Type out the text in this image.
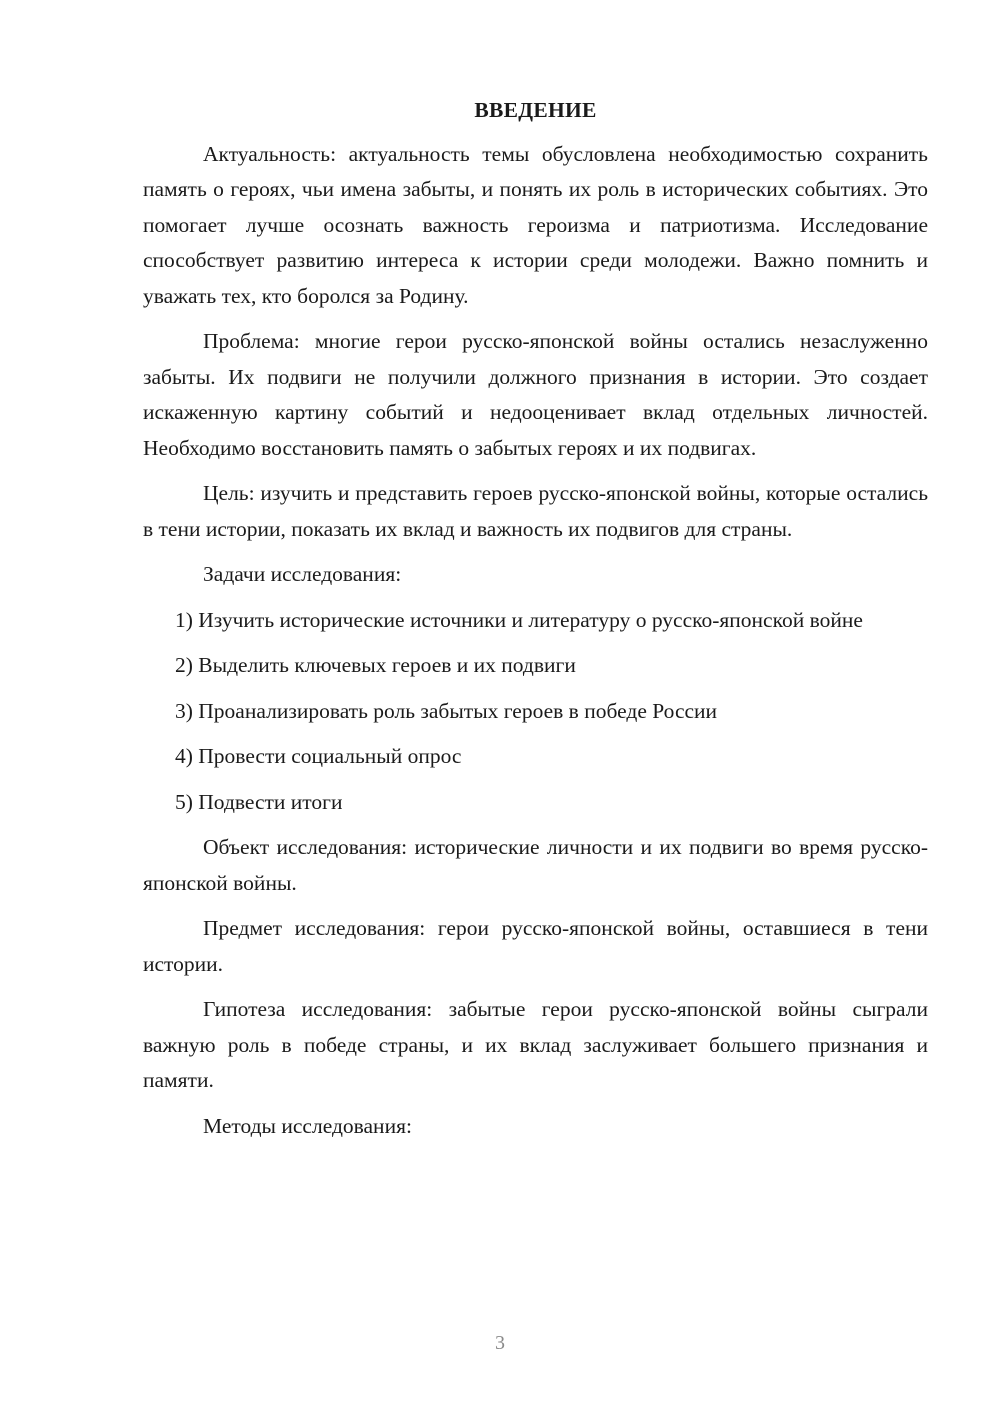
ВВЕДЕНИЕ

Актуальность: актуальность темы обусловлена необходимостью сохранить память о героях, чьи имена забыты, и понять их роль в исторических событиях. Это помогает лучше осознать важность героизма и патриотизма. Исследование способствует развитию интереса к истории среди молодежи. Важно помнить и уважать тех, кто боролся за Родину.

Проблема: многие герои русско-японской войны остались незаслуженно забыты. Их подвиги не получили должного признания в истории. Это создает искаженную картину событий и недооценивает вклад отдельных личностей. Необходимо восстановить память о забытых героях и их подвигах.

Цель: изучить и представить героев русско-японской войны, которые остались в тени истории, показать их вклад и важность их подвигов для страны.

Задачи исследования:

1) Изучить исторические источники и литературу о русско-японской войне

2) Выделить ключевых героев и их подвиги

3) Проанализировать роль забытых героев в победе России

4) Провести социальный опрос

5) Подвести итоги

Объект исследования: исторические личности и их подвиги во время русско-японской войны.

Предмет исследования: герои русско-японской войны, оставшиеся в тени истории.

Гипотеза исследования: забытые герои русско-японской войны сыграли важную роль в победе страны, и их вклад заслуживает большего признания и памяти.

Методы исследования:

3
